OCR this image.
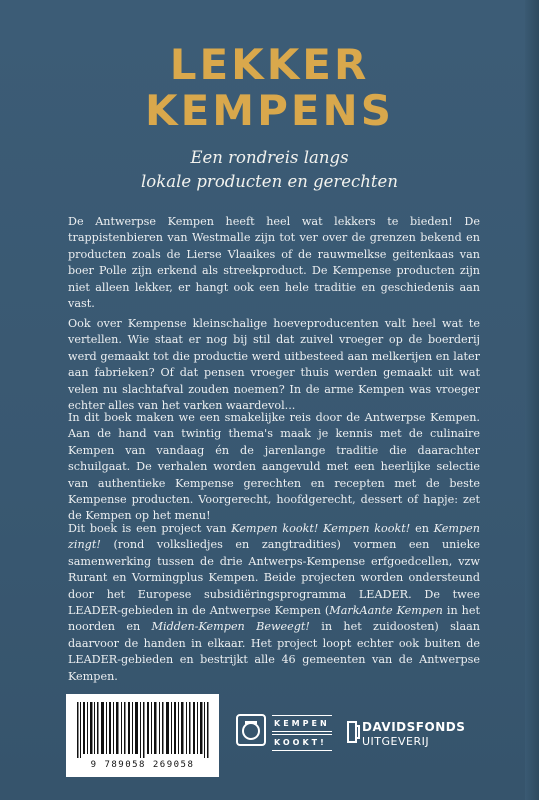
LEKKER
KEMPENS
Een rondreis langs
lokale producten en gerechten

De Antwerpse Kempen heeft heel wat lekkers te bieden! De trappistenbieren van Westmalle zijn tot ver over de grenzen bekend en producten zoals de Lierse Vlaaikes of de rauwmelkse geitenkaas van boer Polle zijn erkend als streekproduct. De Kempense producten zijn niet alleen lekker, er hangt ook een hele traditie en geschiedenis aan vast.

Ook over Kempense kleinschalige hoeveproducenten valt heel wat te vertellen. Wie staat er nog bij stil dat zuivel vroeger op de boerderij werd gemaakt tot die productie werd uitbesteed aan melkerijen en later aan fabrieken? Of dat pensen vroeger thuis werden gemaakt uit wat velen nu slachtafval zouden noemen? In de arme Kempen was vroeger echter alles van het varken waardevol...

In dit boek maken we een smakelijke reis door de Antwerpse Kempen. Aan de hand van twintig thema's maak je kennis met de culinaire Kempen van vandaag én de jarenlange traditie die daarachter schuilgaat. De verhalen worden aangevuld met een heerlijke selectie van authentieke Kempense gerechten en recepten met de beste Kempense producten. Voorgerecht, hoofdgerecht, dessert of hapje: zet de Kempen op het menu!

Dit boek is een project van Kempen kookt! Kempen kookt! en Kempen zingt! (rond volksliedjes en zangtradities) vormen een unieke samenwerking tussen de drie Antwerps-Kempense erfgoedcellen, vzw Rurant en Vormingplus Kempen. Beide projecten worden ondersteund door het Europese subsidiëringsprogramma LEADER. De twee LEADER-gebieden in de Antwerpse Kempen (MarkAante Kempen in het noorden en Midden-Kempen Beweegt! in het zuidoosten) slaan daarvoor de handen in elkaar. Het project loopt echter ook buiten de LEADER-gebieden en bestrijkt alle 46 gemeenten van de Antwerpse Kempen.

9 789058 269058
KEMPEN
KOOKT!
DAVIDSFONDS
UITGEVERIJ
